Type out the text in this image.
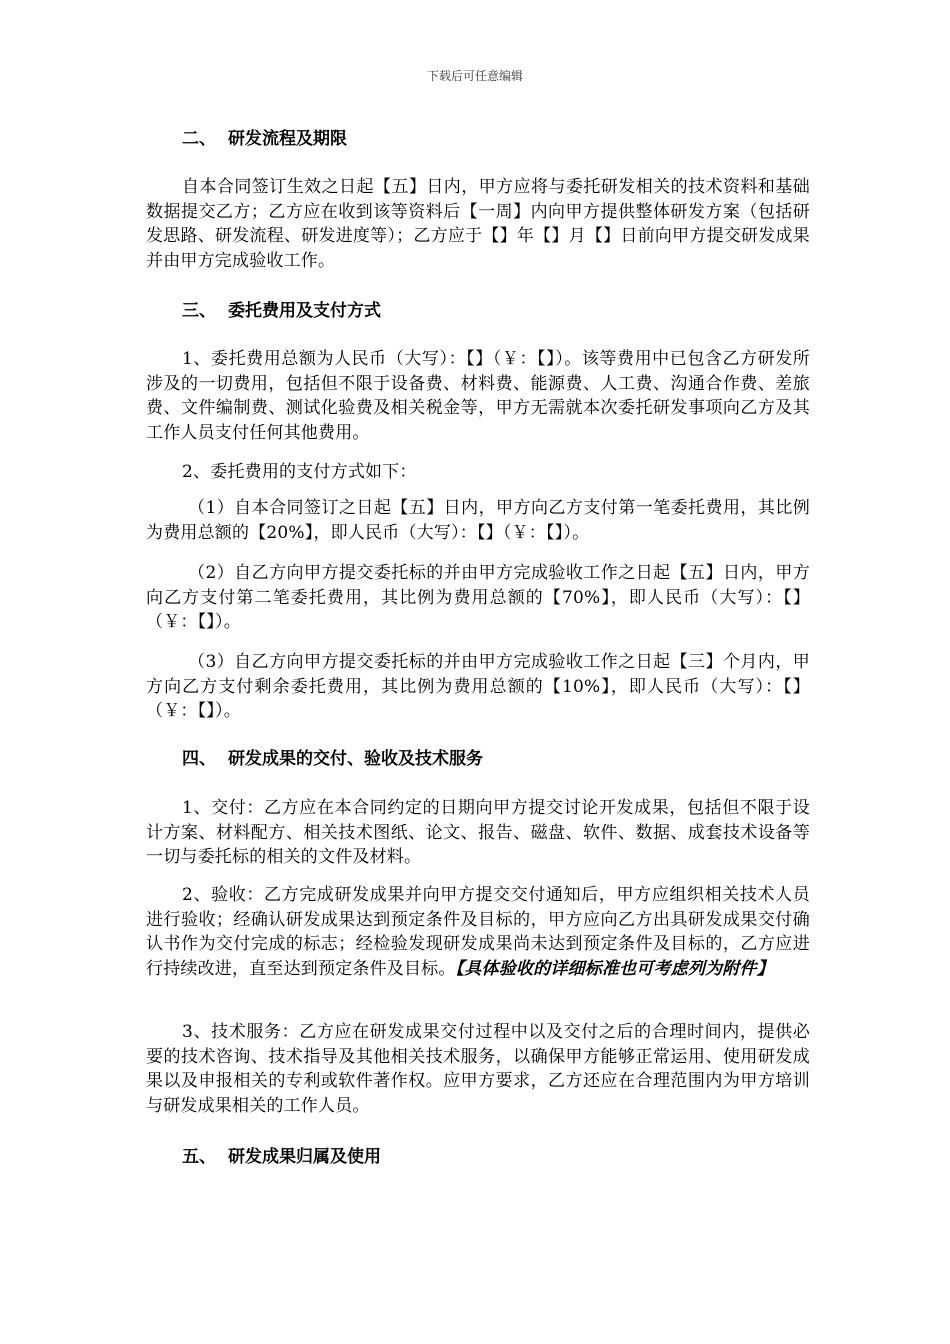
下载后可任意编辑
二、 研发流程及期限
自本合同签订生效之日起【五】日内，甲方应将与委托研发相关的技术资料和基础数据提交乙方；乙方应在收到该等资料后【一周】内向甲方提供整体研发方案（包括研发思路、研发流程、研发进度等）；乙方应于【】年【】月【】日前向甲方提交研发成果并由甲方完成验收工作。
三、 委托费用及支付方式
1、委托费用总额为人民币（大写）：【】（￥：【】）。该等费用中已包含乙方研发所涉及的一切费用，包括但不限于设备费、材料费、能源费、人工费、沟通合作费、差旅费、文件编制费、测试化验费及相关税金等，甲方无需就本次委托研发事项向乙方及其工作人员支付任何其他费用。
2、委托费用的支付方式如下：
（1）自本合同签订之日起【五】日内，甲方向乙方支付第一笔委托费用，其比例为费用总额的【20%】，即人民币（大写）：【】（￥：【】）。
（2）自乙方向甲方提交委托标的并由甲方完成验收工作之日起【五】日内，甲方向乙方支付第二笔委托费用，其比例为费用总额的【70%】，即人民币（大写）：【】（￥：【】）。
（3）自乙方向甲方提交委托标的并由甲方完成验收工作之日起【三】个月内，甲方向乙方支付剩余委托费用，其比例为费用总额的【10%】，即人民币（大写）：【】（￥：【】）。
四、 研发成果的交付、验收及技术服务
1、交付：乙方应在本合同约定的日期向甲方提交讨论开发成果，包括但不限于设计方案、材料配方、相关技术图纸、论文、报告、磁盘、软件、数据、成套技术设备等一切与委托标的相关的文件及材料。
2、验收：乙方完成研发成果并向甲方提交交付通知后，甲方应组织相关技术人员进行验收；经确认研发成果达到预定条件及目标的，甲方应向乙方出具研发成果交付确认书作为交付完成的标志；经检验发现研发成果尚未达到预定条件及目标的，乙方应进行持续改进，直至达到预定条件及目标。【具体验收的详细标准也可考虑列为附件】
3、技术服务：乙方应在研发成果交付过程中以及交付之后的合理时间内，提供必要的技术咨询、技术指导及其他相关技术服务，以确保甲方能够正常运用、使用研发成果以及申报相关的专利或软件著作权。应甲方要求，乙方还应在合理范围内为甲方培训与研发成果相关的工作人员。
五、 研发成果归属及使用
